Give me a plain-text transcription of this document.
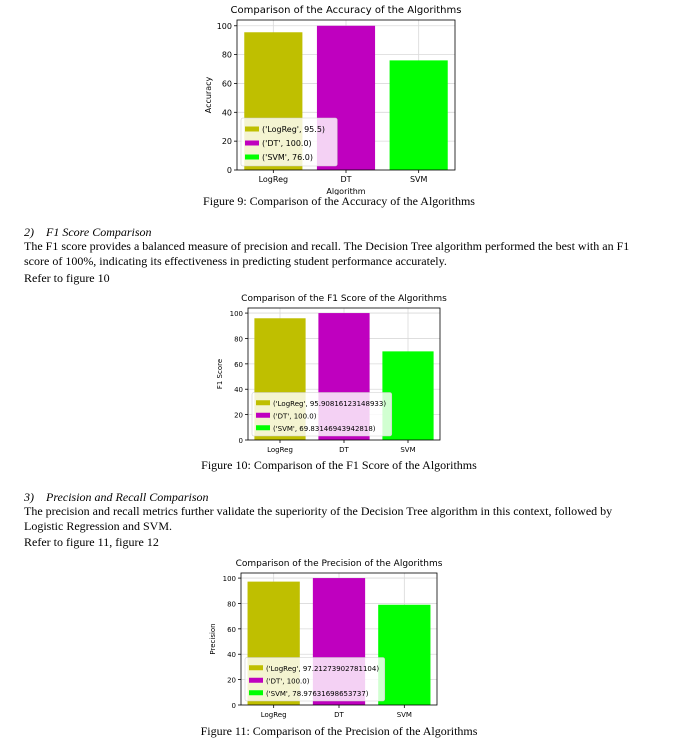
Comparison of the Accuracy of the Algorithms
0
20
40
60
80
100
LogReg	DT	SVM
Accuracy
Algorithm
('LogReg', 95.5)
('DT', 100.0)
('SVM', 76.0)
Figure 9: Comparison of the Accuracy of the Algorithms
2) F1 Score Comparison
The F1 score provides a balanced measure of precision and recall. The Decision Tree algorithm performed the best with an F1 score of 100%, indicating its effectiveness in predicting student performance accurately.
Refer to figure 10
Comparison of the F1 Score of the Algorithms
0
20
40
60
80
100
LogReg	DT	SVM
F1 Score
('LogReg', 95.90816123148933)
('DT', 100.0)
('SVM', 69.83146943942818)
Figure 10: Comparison of the F1 Score of the Algorithms
3) Precision and Recall Comparison
The precision and recall metrics further validate the superiority of the Decision Tree algorithm in this context, followed by Logistic Regression and SVM.
Refer to figure 11, figure 12
Comparison of the Precision of the Algorithms
0
20
40
60
80
100
LogReg	DT	SVM
Precision
('LogReg', 97.21273902781104)
('DT', 100.0)
('SVM', 78.97631698653737)
Figure 11: Comparison of the Precision of the Algorithms
